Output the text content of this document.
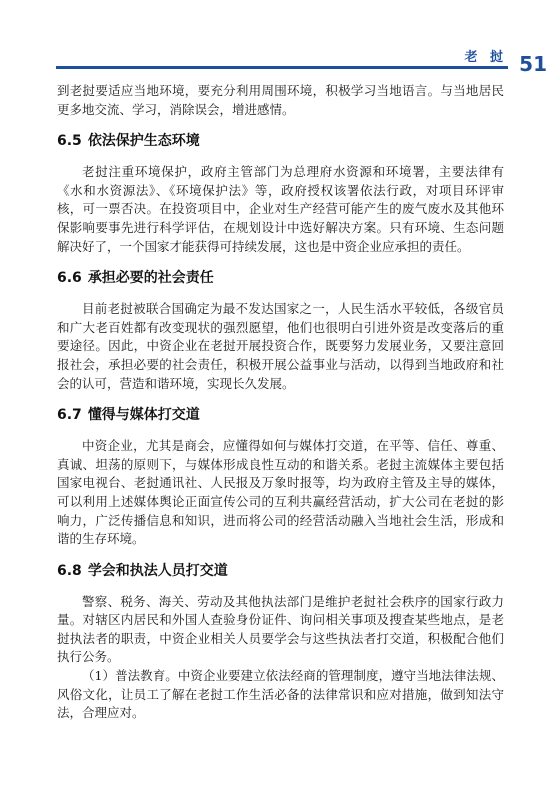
老 挝 51

到老挝要适应当地环境，要充分利用周围环境，积极学习当地语言。与当地居民更多地交流、学习，消除误会，增进感情。

6.5 依法保护生态环境

老挝注重环境保护，政府主管部门为总理府水资源和环境署，主要法律有《水和水资源法》、《环境保护法》等，政府授权该署依法行政，对项目环评审核，可一票否决。在投资项目中，企业对生产经营可能产生的废气废水及其他环保影响要事先进行科学评估，在规划设计中选好解决方案。只有环境、生态问题解决好了，一个国家才能获得可持续发展，这也是中资企业应承担的责任。

6.6 承担必要的社会责任

目前老挝被联合国确定为最不发达国家之一，人民生活水平较低，各级官员和广大老百姓都有改变现状的强烈愿望，他们也很明白引进外资是改变落后的重要途径。因此，中资企业在老挝开展投资合作，既要努力发展业务，又要注意回报社会，承担必要的社会责任，积极开展公益事业与活动，以得到当地政府和社会的认可，营造和谐环境，实现长久发展。

6.7 懂得与媒体打交道

中资企业，尤其是商会，应懂得如何与媒体打交道，在平等、信任、尊重、真诚、坦荡的原则下，与媒体形成良性互动的和谐关系。老挝主流媒体主要包括国家电视台、老挝通讯社、人民报及万象时报等，均为政府主管及主导的媒体，可以利用上述媒体舆论正面宣传公司的互利共赢经营活动，扩大公司在老挝的影响力，广泛传播信息和知识，进而将公司的经营活动融入当地社会生活，形成和谐的生存环境。

6.8 学会和执法人员打交道

警察、税务、海关、劳动及其他执法部门是维护老挝社会秩序的国家行政力量。对辖区内居民和外国人查验身份证件、询问相关事项及搜查某些地点，是老挝执法者的职责，中资企业相关人员要学会与这些执法者打交道，积极配合他们执行公务。

（1）普法教育。中资企业要建立依法经商的管理制度，遵守当地法律法规、风俗文化，让员工了解在老挝工作生活必备的法律常识和应对措施，做到知法守法，合理应对。
